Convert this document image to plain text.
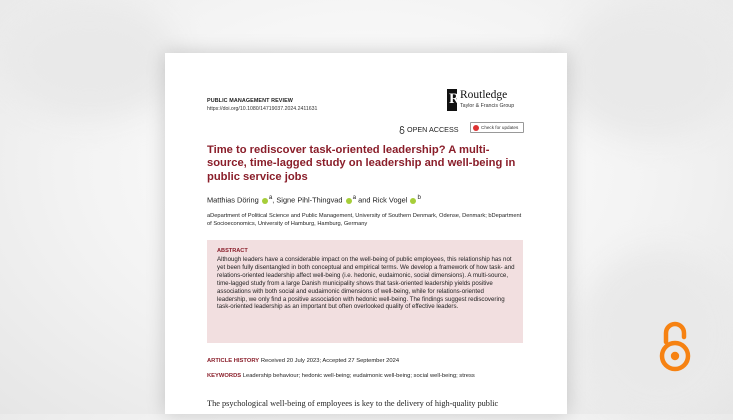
PUBLIC MANAGEMENT REVIEW
https://doi.org/10.1080/14719037.2024.2411631
R Routledge
Taylor & Francis Group
OPEN ACCESS	Check for updates
Time to rediscover task-oriented leadership? A multi-source, time-lagged study on leadership and well-being in public service jobs
Matthias Döring $^a$, Signe Pihl-Thingvad $^a$ and Rick Vogel $^b$
aDepartment of Political Science and Public Management, University of Southern Denmark, Odense, Denmark; bDepartment of Socioeconomics, University of Hamburg, Hamburg, Germany
ABSTRACT
Although leaders have a considerable impact on the well-being of public employees, this relationship has not yet been fully disentangled in both conceptual and empirical terms. We develop a framework of how task- and relations-oriented leadership affect well-being (i.e. hedonic, eudaimonic, social dimensions). A multi-source, time-lagged study from a large Danish municipality shows that task-oriented leadership yields positive associations with both social and eudaimonic dimensions of well-being, while for relations-oriented leadership, we only find a positive association with hedonic well-being. The findings suggest rediscovering task-oriented leadership as an important but often overlooked quality of effective leaders.
ARTICLE HISTORY Received 20 July 2023; Accepted 27 September 2024
KEYWORDS Leadership behaviour; hedonic well-being; eudaimonic well-being; social well-being; stress
The psychological well-being of employees is key to the delivery of high-quality public
